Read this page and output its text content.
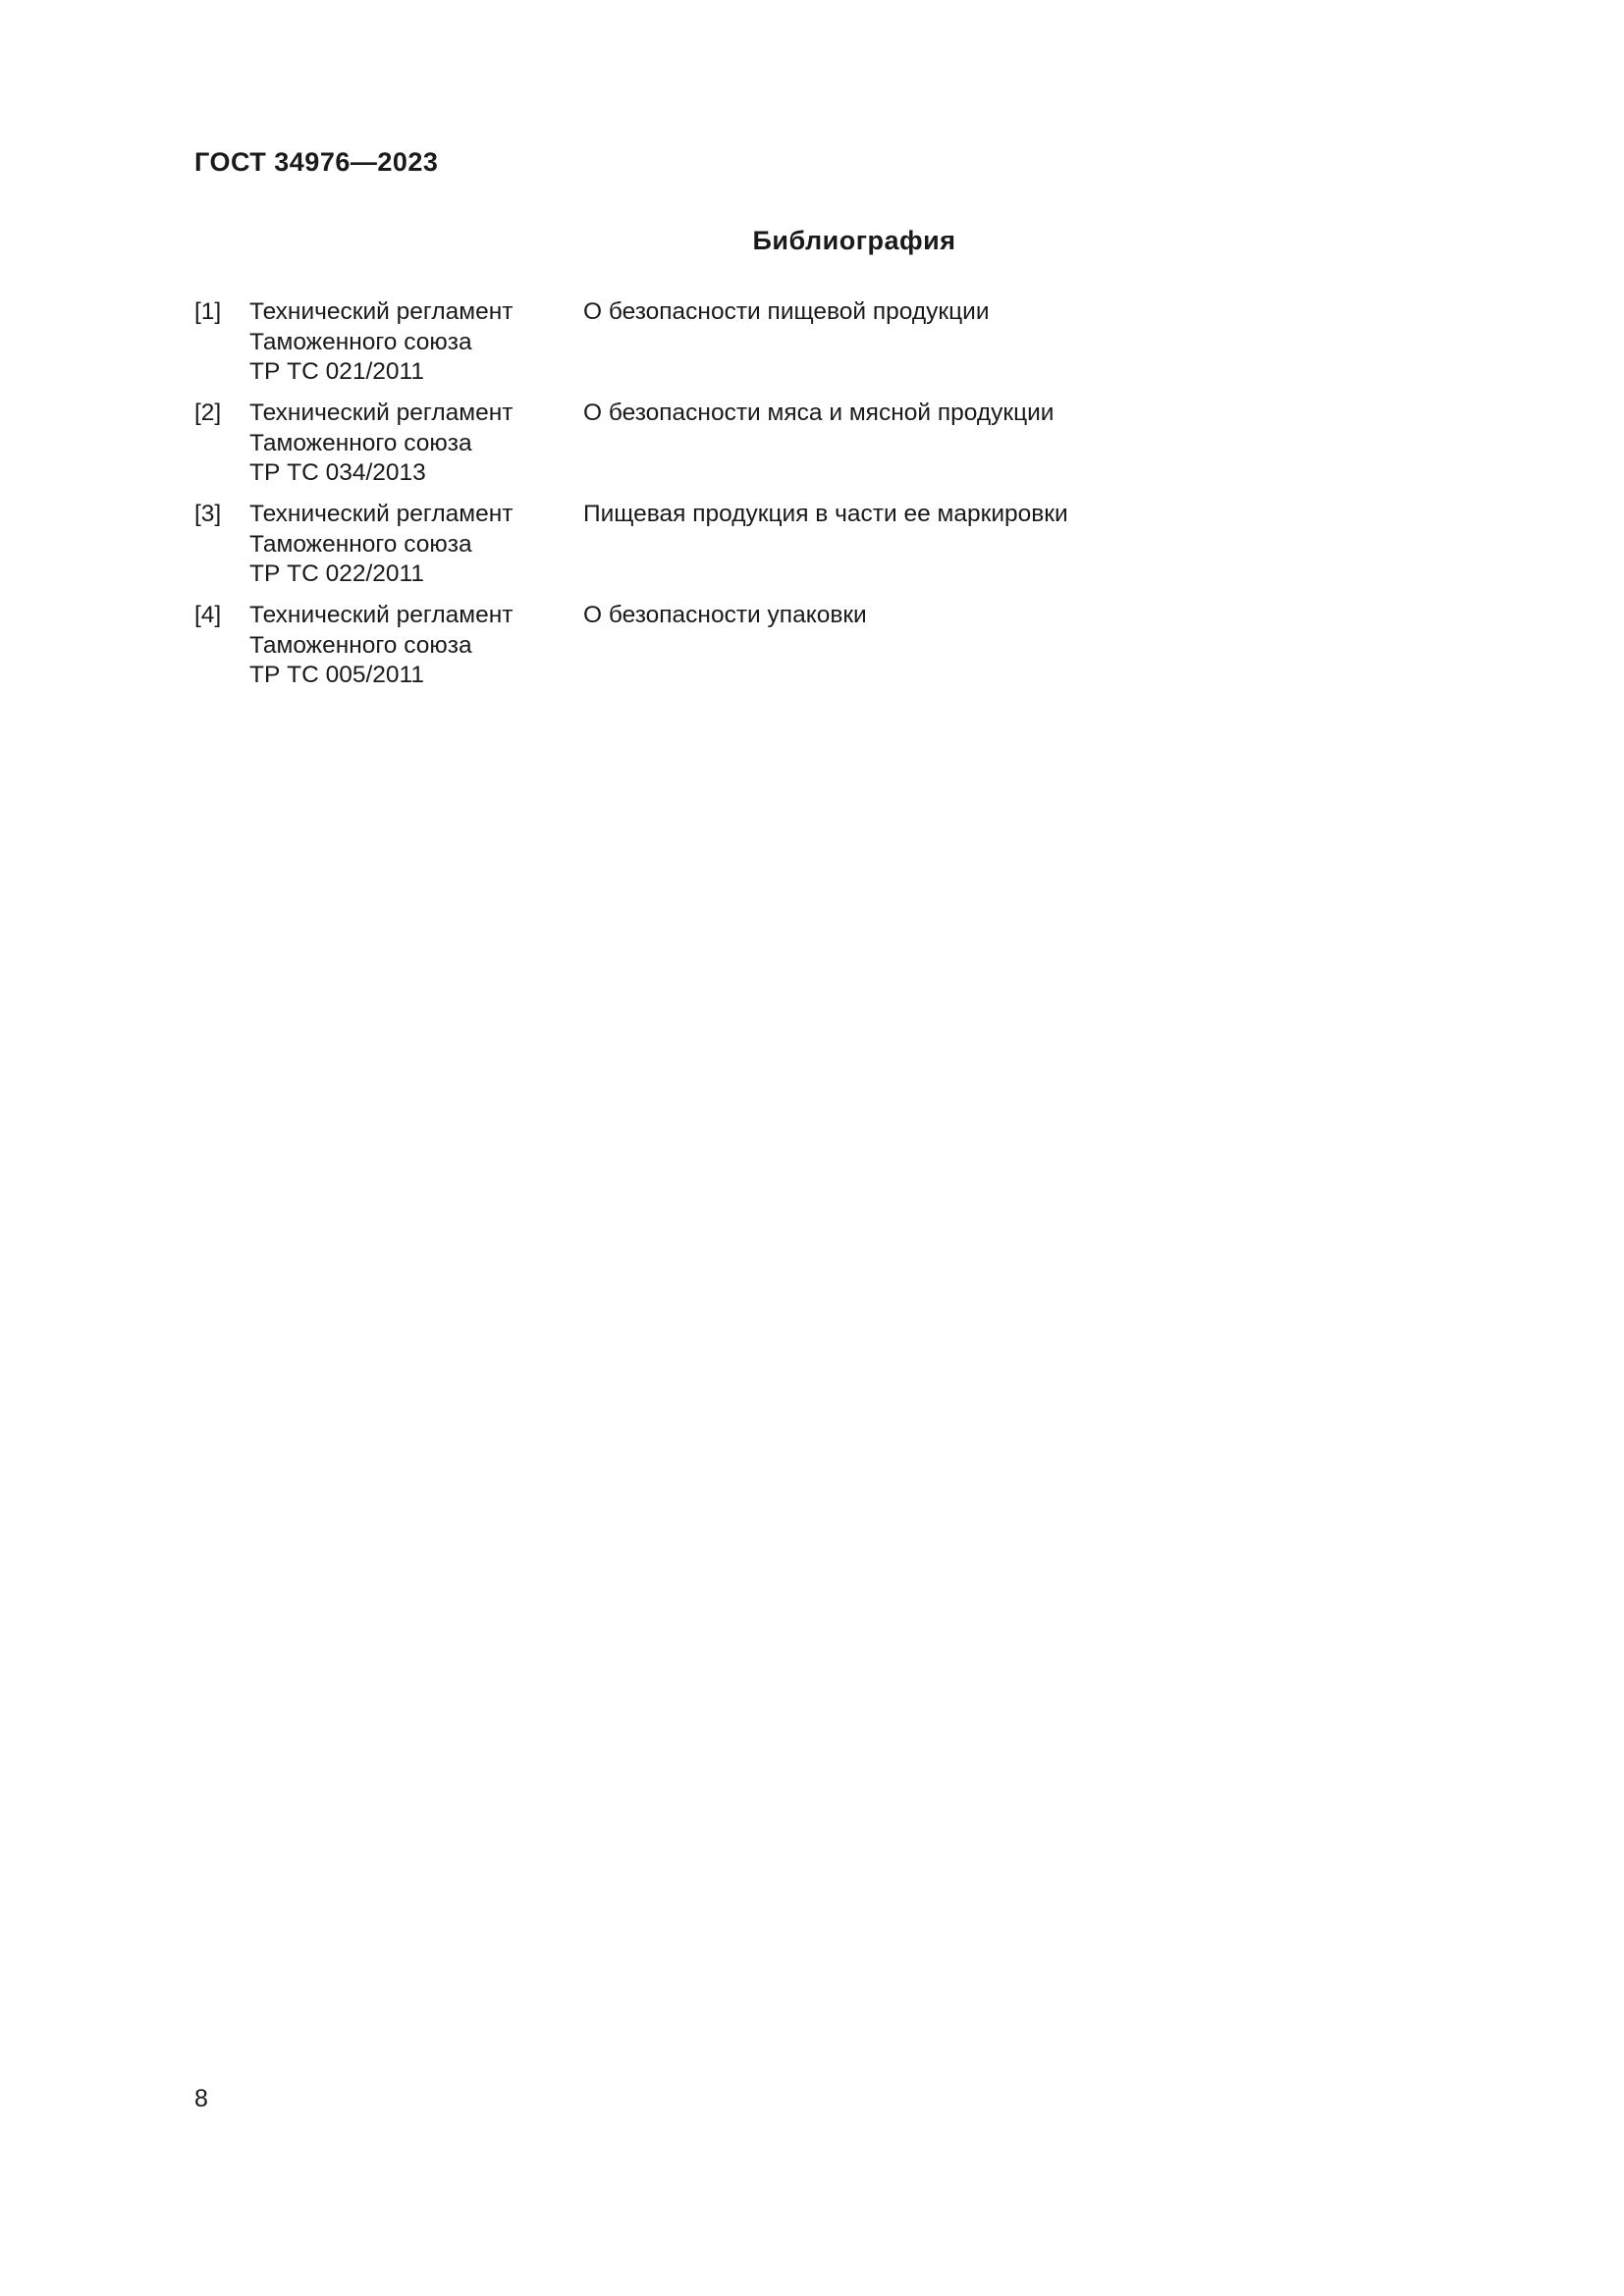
ГОСТ 34976—2023
Библиография
[1] Технический регламент
Таможенного союза
ТР ТС 021/2011
О безопасности пищевой продукции
[2] Технический регламент
Таможенного союза
ТР ТС 034/2013
О безопасности мяса и мясной продукции
[3] Технический регламент
Таможенного союза
ТР ТС 022/2011
Пищевая продукция в части ее маркировки
[4] Технический регламент
Таможенного союза
ТР ТС 005/2011
О безопасности упаковки
8
